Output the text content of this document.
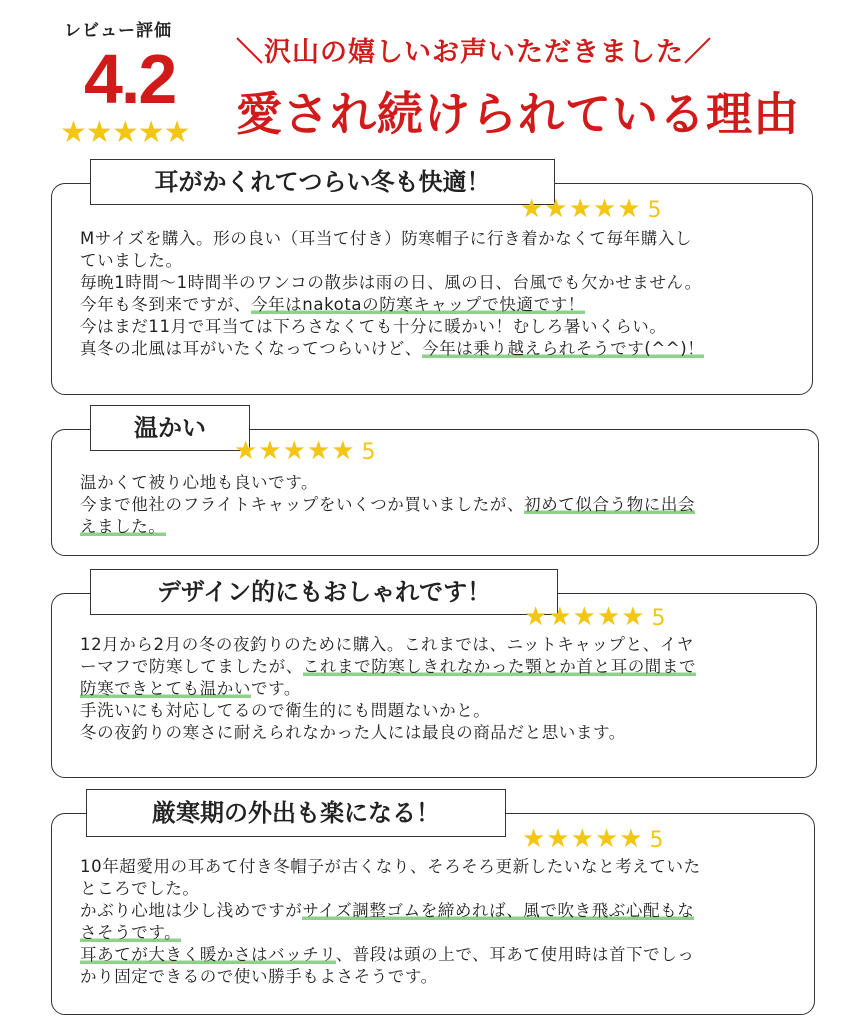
レビュー評価
4.2
★★★★★
＼沢山の嬉しいお声いただきました／
愛され続けられている理由
耳がかくれてつらい冬も快適！
★★★★★ 5

Mサイズを購入。形の良い（耳当て付き）防寒帽子に行き着かなくて毎年購入し

ていました。

毎晩1時間〜1時間半のワンコの散歩は雨の日、風の日、台風でも欠かせません。

今年も冬到来ですが、今年はnakotaの防寒キャップで快適です！

今はまだ11月で耳当ては下ろさなくても十分に暖かい！むしろ暑いくらい。

真冬の北風は耳がいたくなってつらいけど、今年は乗り越えられそうです(^^)！

温かい
★★★★★ 5

温かくて被り心地も良いです。

今まで他社のフライトキャップをいくつか買いましたが、初めて似合う物に出会

えました。

デザイン的にもおしゃれです！
★★★★★ 5

12月から2月の冬の夜釣りのために購入。これまでは、ニットキャップと、イヤ

ーマフで防寒してましたが、これまで防寒しきれなかった顎とか首と耳の間まで

防寒できとても温かいです。

手洗いにも対応してるので衛生的にも問題ないかと。

冬の夜釣りの寒さに耐えられなかった人には最良の商品だと思います。

厳寒期の外出も楽になる！
★★★★★ 5

10年超愛用の耳あて付き冬帽子が古くなり、そろそろ更新したいなと考えていた

ところでした。

かぶり心地は少し浅めですがサイズ調整ゴムを締めれば、風で吹き飛ぶ心配もな

さそうです。

耳あてが大きく暖かさはバッチリ、普段は頭の上で、耳あて使用時は首下でしっ

かり固定できるので使い勝手もよさそうです。
